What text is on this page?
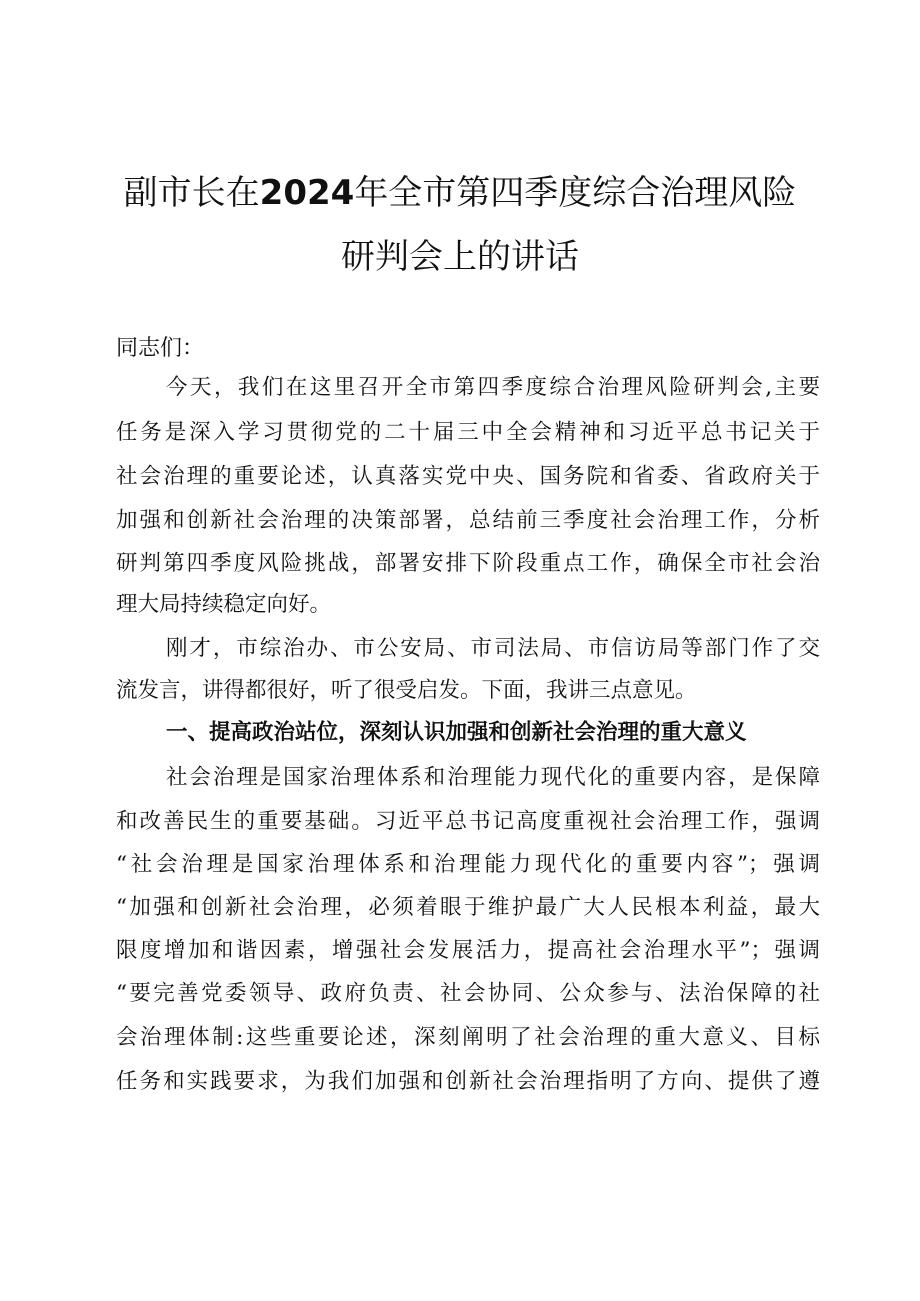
副市长在2024年全市第四季度综合治理风险
研判会上的讲话
同志们：
今天，我们在这里召开全市第四季度综合治理风险研判会,主要
任务是深入学习贯彻党的二十届三中全会精神和习近平总书记关于
社会治理的重要论述，认真落实党中央、国务院和省委、省政府关于
加强和创新社会治理的决策部署，总结前三季度社会治理工作，分析
研判第四季度风险挑战，部署安排下阶段重点工作，确保全市社会治
理大局持续稳定向好。
刚才，市综治办、市公安局、市司法局、市信访局等部门作了交
流发言，讲得都很好，听了很受启发。下面，我讲三点意见。
社会治理是国家治理体系和治理能力现代化的重要内容，是保障
和改善民生的重要基础。习近平总书记高度重视社会治理工作，强调
“社会治理是国家治理体系和治理能力现代化的重要内容”；强调
“加强和创新社会治理，必须着眼于维护最广大人民根本利益，最大
限度增加和谐因素，增强社会发展活力，提高社会治理水平”；强调
“要完善党委领导、政府负责、社会协同、公众参与、法治保障的社
会治理体制:这些重要论述，深刻阐明了社会治理的重大意义、目标
任务和实践要求，为我们加强和创新社会治理指明了方向、提供了遵
一、提高政治站位，深刻认识加强和创新社会治理的重大意义
